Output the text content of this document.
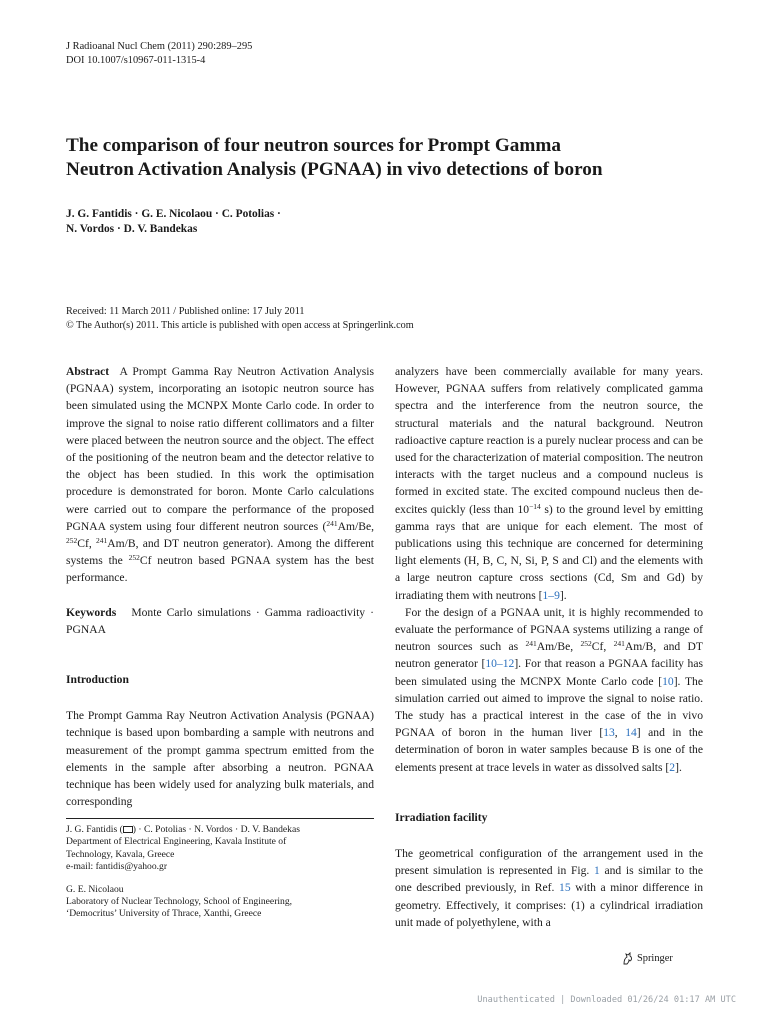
J Radioanal Nucl Chem (2011) 290:289–295
DOI 10.1007/s10967-011-1315-4
The comparison of four neutron sources for Prompt Gamma
Neutron Activation Analysis (PGNAA) in vivo detections of boron
J. G. Fantidis · G. E. Nicolaou · C. Potolias ·
N. Vordos · D. V. Bandekas
Received: 11 March 2011 / Published online: 17 July 2011
© The Author(s) 2011. This article is published with open access at Springerlink.com

Abstract A Prompt Gamma Ray Neutron Activation Analysis (PGNAA) system, incorporating an isotopic neutron source has been simulated using the MCNPX Monte Carlo code. In order to improve the signal to noise ratio different collimators and a filter were placed between the neutron source and the object. The effect of the positioning of the neutron beam and the detector relative to the object has been studied. In this work the optimisation procedure is demonstrated for boron. Monte Carlo calculations were carried out to compare the performance of the proposed PGNAA system using four different neutron sources ($^{241}$Am/Be, $^{252}$Cf, $^{241}$Am/B, and DT neutron generator). Among the different systems the $^{252}$Cf neutron based PGNAA system has the best performance.

Keywords Monte Carlo simulations · Gamma radioactivity · PGNAA

Introduction

The Prompt Gamma Ray Neutron Activation Analysis (PGNAA) technique is based upon bombarding a sample with neutrons and measurement of the prompt gamma spectrum emitted from the elements in the sample after absorbing a neutron. PGNAA technique has been widely used for analyzing bulk materials, and corresponding

analyzers have been commercially available for many years. However, PGNAA suffers from relatively complicated gamma spectra and the interference from the neutron source, the structural materials and the natural background. Neutron radioactive capture reaction is a purely nuclear process and can be used for the characterization of material composition. The neutron interacts with the target nucleus and a compound nucleus is formed in excited state. The excited compound nucleus then de-excites quickly (less than $10^{-14}$ s) to the ground level by emitting gamma rays that are unique for each element. The most of publications using this technique are concerned for determining light elements (H, B, C, N, Si, P, S and Cl) and the elements with a large neutron capture cross sections (Cd, Sm and Gd) by irradiating them with neutrons [1–9].

For the design of a PGNAA unit, it is highly recommended to evaluate the performance of PGNAA systems utilizing a range of neutron sources such as $^{241}$Am/Be, $^{252}$Cf, $^{241}$Am/B, and DT neutron generator [10–12]. For that reason a PGNAA facility has been simulated using the MCNPX Monte Carlo code [10]. The simulation carried out aimed to improve the signal to noise ratio. The study has a practical interest in the case of the in vivo PGNAA of boron in the human liver [13, 14] and in the determination of boron in water samples because B is one of the elements present at trace levels in water as dissolved salts [2].

Irradiation facility

The geometrical configuration of the arrangement used in the present simulation is represented in Fig. 1 and is similar to the one described previously, in Ref. 15 with a minor difference in geometry. Effectively, it comprises: (1) a cylindrical irradiation unit made of polyethylene, with a

J. G. Fantidis ( ) · C. Potolias · N. Vordos · D. V. Bandekas

Department of Electrical Engineering, Kavala Institute of

Technology, Kavala, Greece

e-mail: fantidis@yahoo.gr

G. E. Nicolaou

Laboratory of Nuclear Technology, School of Engineering,

‘Democritus’ University of Thrace, Xanthi, Greece

Springer
Unauthenticated | Downloaded 01/26/24 01:17 AM UTC
